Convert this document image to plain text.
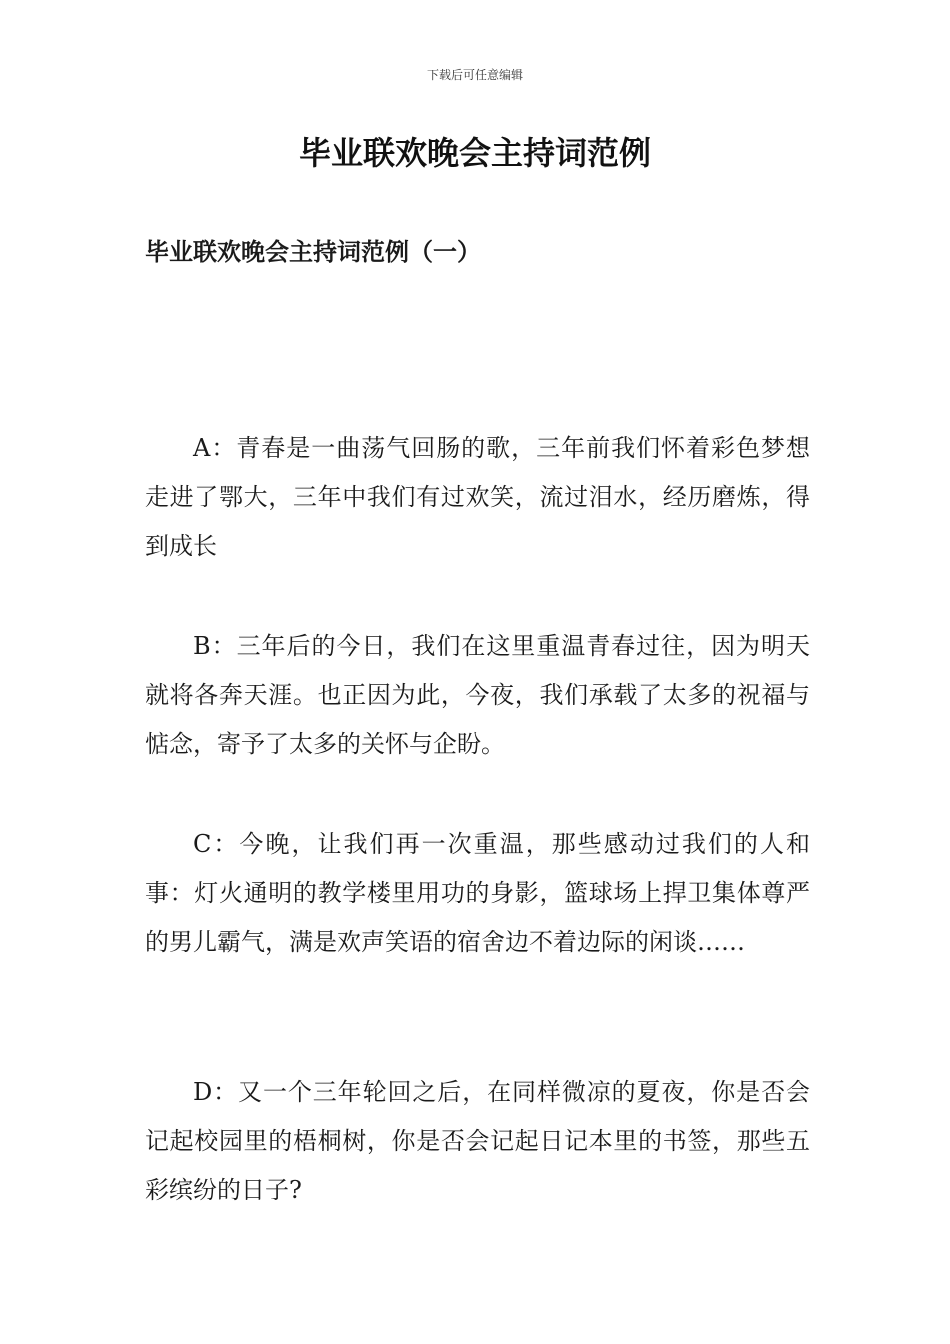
下载后可任意编辑
毕业联欢晚会主持词范例
毕业联欢晚会主持词范例（一）

A：青春是一曲荡气回肠的歌，三年前我们怀着彩色梦想走进了鄂大，三年中我们有过欢笑，流过泪水，经历磨炼，得到成长

B：三年后的今日，我们在这里重温青春过往，因为明天就将各奔天涯。也正因为此，今夜，我们承载了太多的祝福与惦念，寄予了太多的关怀与企盼。

C：今晚，让我们再一次重温，那些感动过我们的人和事：灯火通明的教学楼里用功的身影，篮球场上捍卫集体尊严的男儿霸气，满是欢声笑语的宿舍边不着边际的闲谈……

D：又一个三年轮回之后，在同样微凉的夏夜，你是否会记起校园里的梧桐树，你是否会记起日记本里的书签，那些五彩缤纷的日子?
